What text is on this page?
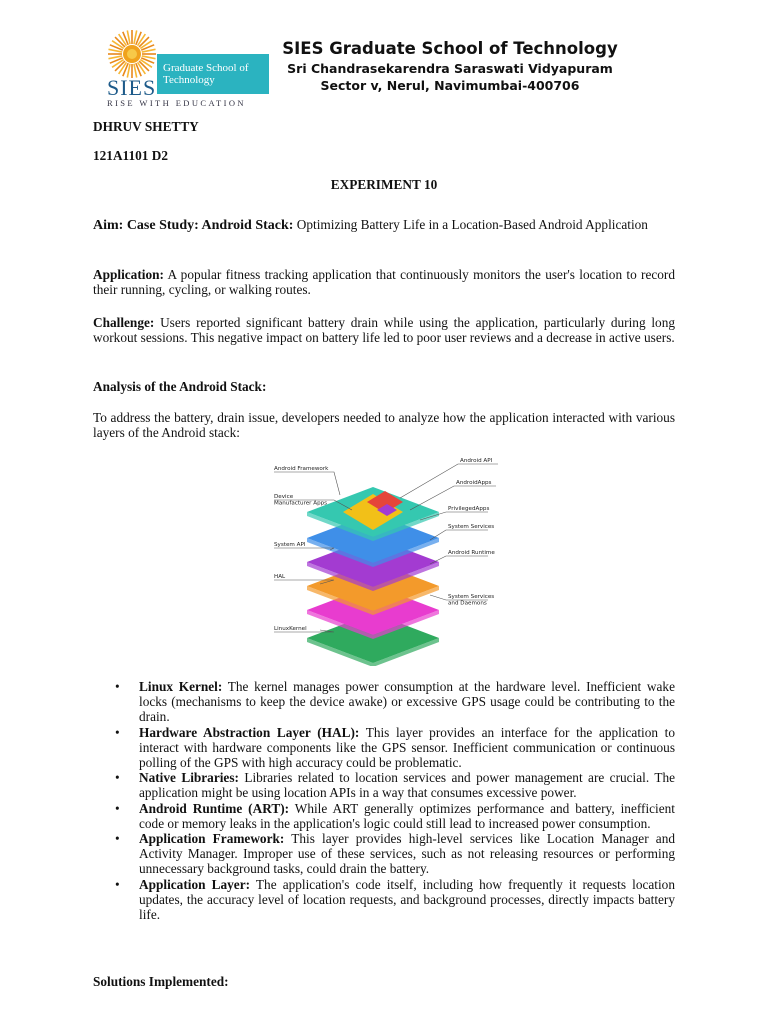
SIES
Graduate School of
Technology
RISE WITH EDUCATION
SIES Graduate School of Technology
Sri Chandrasekarendra Saraswati Vidyapuram
Sector v, Nerul, Navimumbai-400706
DHRUV SHETTY
121A1101 D2
EXPERIMENT 10
Aim: Case Study: Android Stack: Optimizing Battery Life in a Location-Based Android Application
Application: A popular fitness tracking application that continuously monitors the user's location to record their running, cycling, or walking routes.
Challenge: Users reported significant battery drain while using the application, particularly during long workout sessions. This negative impact on battery life led to poor user reviews and a decrease in active users.
Analysis of the Android Stack:
To address the battery, drain issue, developers needed to analyze how the application interacted with various layers of the Android stack:
Android Framework
Device Manufacturer Apps
System API
HAL
LinuxKernel
Android API
AndroidApps
PrivilegedApps
System Services
Android Runtime
System Services and Daemons
• Linux Kernel: The kernel manages power consumption at the hardware level. Inefficient wake locks (mechanisms to keep the device awake) or excessive GPS usage could be contributing to the drain.
• Hardware Abstraction Layer (HAL): This layer provides an interface for the application to interact with hardware components like the GPS sensor. Inefficient communication or continuous polling of the GPS with high accuracy could be problematic.
• Native Libraries: Libraries related to location services and power management are crucial. The application might be using location APIs in a way that consumes excessive power.
• Android Runtime (ART): While ART generally optimizes performance and battery, inefficient code or memory leaks in the application's logic could still lead to increased power consumption.
• Application Framework: This layer provides high-level services like Location Manager and Activity Manager. Improper use of these services, such as not releasing resources or performing unnecessary background tasks, could drain the battery.
• Application Layer: The application's code itself, including how frequently it requests location updates, the accuracy level of location requests, and background processes, directly impacts battery life.
Solutions Implemented:
